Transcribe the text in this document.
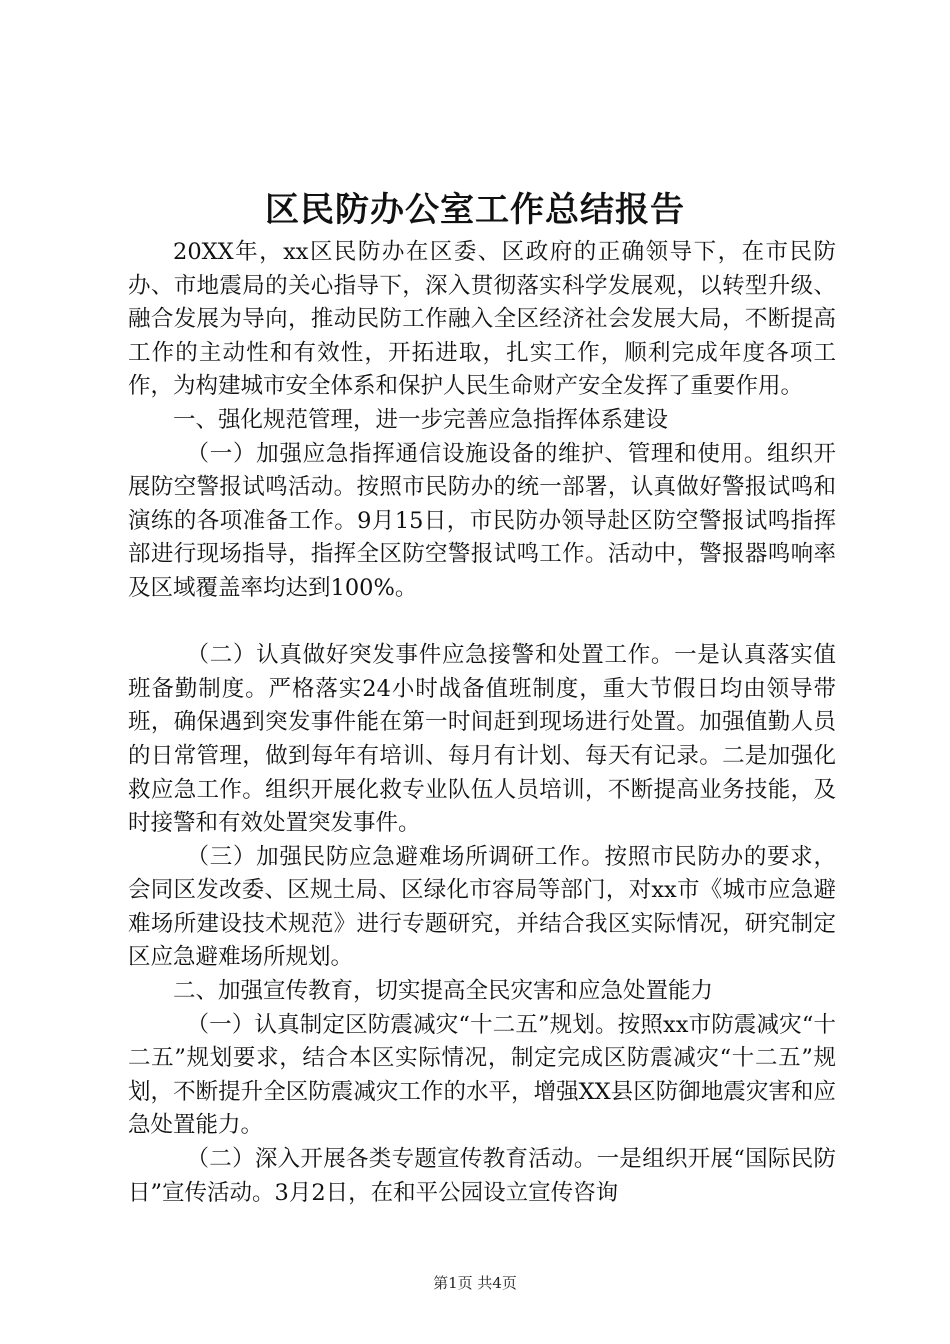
区民防办公室工作总结报告

20XX年，xx区民防办在区委、区政府的正确领导下，在市民防办、市地震局的关心指导下，深入贯彻落实科学发展观，以转型升级、融合发展为导向，推动民防工作融入全区经济社会发展大局，不断提高工作的主动性和有效性，开拓进取，扎实工作，顺利完成年度各项工作，为构建城市安全体系和保护人民生命财产安全发挥了重要作用。

一、强化规范管理，进一步完善应急指挥体系建设

（一）加强应急指挥通信设施设备的维护、管理和使用。组织开展防空警报试鸣活动。按照市民防办的统一部署，认真做好警报试鸣和演练的各项准备工作。9月15日，市民防办领导赴区防空警报试鸣指挥部进行现场指导，指挥全区防空警报试鸣工作。活动中，警报器鸣响率及区域覆盖率均达到100%。

（二）认真做好突发事件应急接警和处置工作。一是认真落实值班备勤制度。严格落实24小时战备值班制度，重大节假日均由领导带班，确保遇到突发事件能在第一时间赶到现场进行处置。加强值勤人员的日常管理，做到每年有培训、每月有计划、每天有记录。二是加强化救应急工作。组织开展化救专业队伍人员培训，不断提高业务技能，及时接警和有效处置突发事件。

（三）加强民防应急避难场所调研工作。按照市民防办的要求，会同区发改委、区规土局、区绿化市容局等部门，对xx市《城市应急避难场所建设技术规范》进行专题研究，并结合我区实际情况，研究制定区应急避难场所规划。

二、加强宣传教育，切实提高全民灾害和应急处置能力

（一）认真制定区防震减灾“十二五”规划。按照xx市防震减灾“十二五”规划要求，结合本区实际情况，制定完成区防震减灾“十二五”规划，不断提升全区防震减灾工作的水平，增强XX县区防御地震灾害和应急处置能力。

（二）深入开展各类专题宣传教育活动。一是组织开展“国际民防日”宣传活动。3月2日，在和平公园设立宣传咨询

第1页 共4页
